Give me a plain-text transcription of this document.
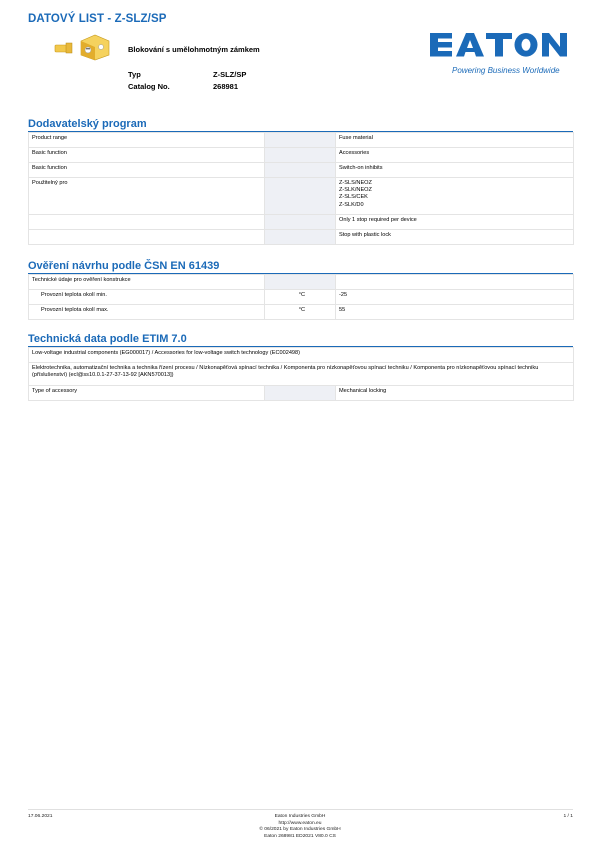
DATOVÝ LIST - Z-SLZ/SP
Blokování s umělohmotným zámkem
Typ	Z-SLZ/SP
Catalog No.	268981
Powering Business Worldwide
Dodavatelský program
Product range		Fuse material
Basic function		Accessories
Basic function		Switch-on inhibits
Použitelný pro		Z-SLS/NEOZ
Z-SLK/NEOZ
Z-SLS/CEK
Z-SLK/D0
		Only 1 stop required per device
		Stop with plastic lock
Ověření návrhu podle ČSN EN 61439
Technické údaje pro ověření konstrukce		
Provozní teplota okolí min.	°C	-25
Provozní teplota okolí max.	°C	55
Technická data podle ETIM 7.0
Low-voltage industrial components (EG000017) / Accessories for low-voltage switch technology (EC002498)
Elektrotechnika, automatizační technika a technika řízení procesu / Nízkonapěťová spínací technika / Komponenta pro nízkonapěťovou spínací techniku / Komponenta pro nízkonapěťovou spínací techniku (příslušenství) (ecl@ss10.0.1-27-37-13-92 [AKN570013])
Type of accessory		Mechanical locking
17.06.2021	Eaton Industries GmbH
http://www.eaton.eu
© 06/2021 by Eaton Industries GmbH
Eaton 268981 ED2021 V80.0 CS
1 / 1
